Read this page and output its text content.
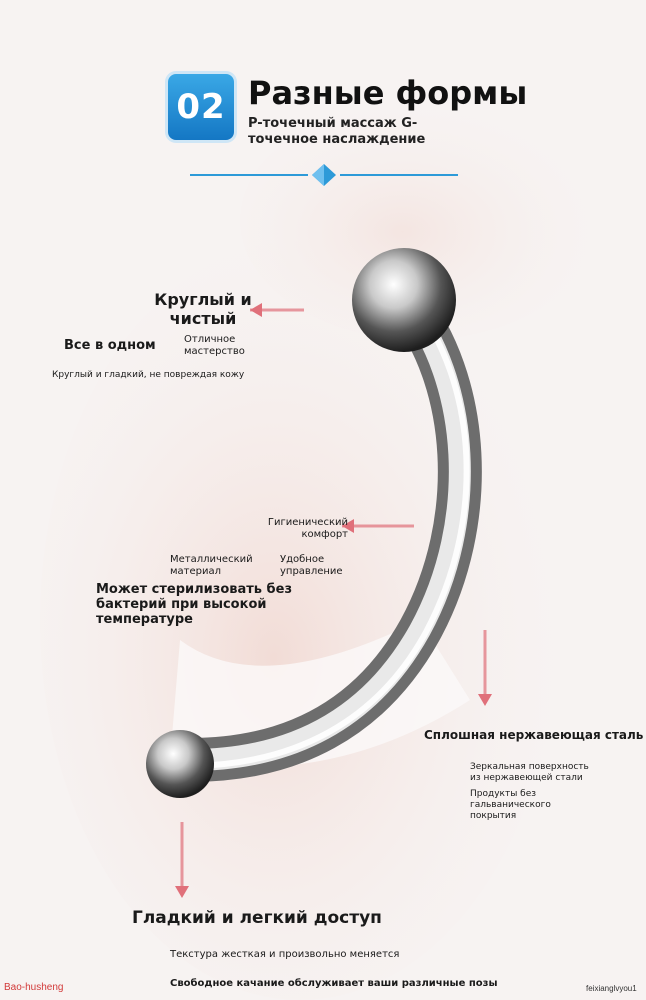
02 Разные формы
P-точечный массаж G-точечное наслаждение
Круглый и чистый
Все в одном	Отличное мастерство
Круглый и гладкий, не повреждая кожу
Гигиенический комфорт
Металлический материал
Удобное управление
Может стерилизовать без бактерий при высокой температуре
Сплошная нержавеющая сталь
Зеркальная поверхность из нержавеющей стали
Продукты без гальванического покрытия
Гладкий и легкий доступ
Текстура жесткая и произвольно меняется
Свободное качание обслуживает ваши различные позы
Bao-husheng	feixianglvyou1
